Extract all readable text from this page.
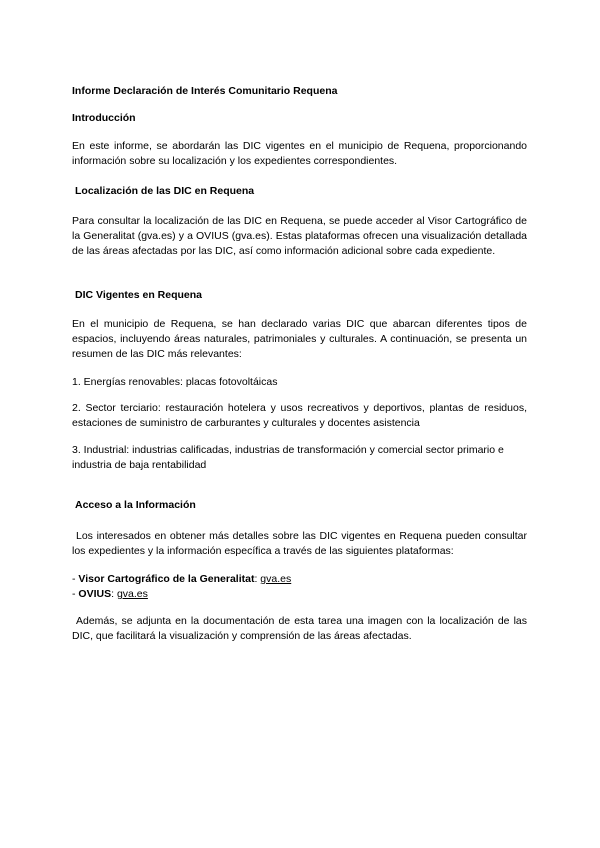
Informe Declaración de Interés Comunitario Requena
Introducción
En este informe, se abordarán las DIC vigentes en el municipio de Requena, proporcionando información sobre su localización y los expedientes correspondientes.
Localización de las DIC en Requena
Para consultar la localización de las DIC en Requena, se puede acceder al Visor Cartográfico de la Generalitat (gva.es) y a OVIUS (gva.es). Estas plataformas ofrecen una visualización detallada de las áreas afectadas por las DIC, así como información adicional sobre cada expediente.
DIC Vigentes en Requena
En el municipio de Requena, se han declarado varias DIC que abarcan diferentes tipos de espacios, incluyendo áreas naturales, patrimoniales y culturales. A continuación, se presenta un resumen de las DIC más relevantes:
1. Energías renovables: placas fotovoltáicas
2. Sector terciario: restauración hotelera y usos recreativos y deportivos, plantas de residuos, estaciones de suministro de carburantes y culturales y docentes asistencia
3. Industrial: industrias calificadas, industrias de transformación y comercial sector primario e industria de baja rentabilidad
Acceso a la Información
Los interesados en obtener más detalles sobre las DIC vigentes en Requena pueden consultar los expedientes y la información específica a través de las siguientes plataformas:
- Visor Cartográfico de la Generalitat: gva.es
- OVIUS: gva.es
Además, se adjunta en la documentación de esta tarea una imagen con la localización de las DIC, que facilitará la visualización y comprensión de las áreas afectadas.
